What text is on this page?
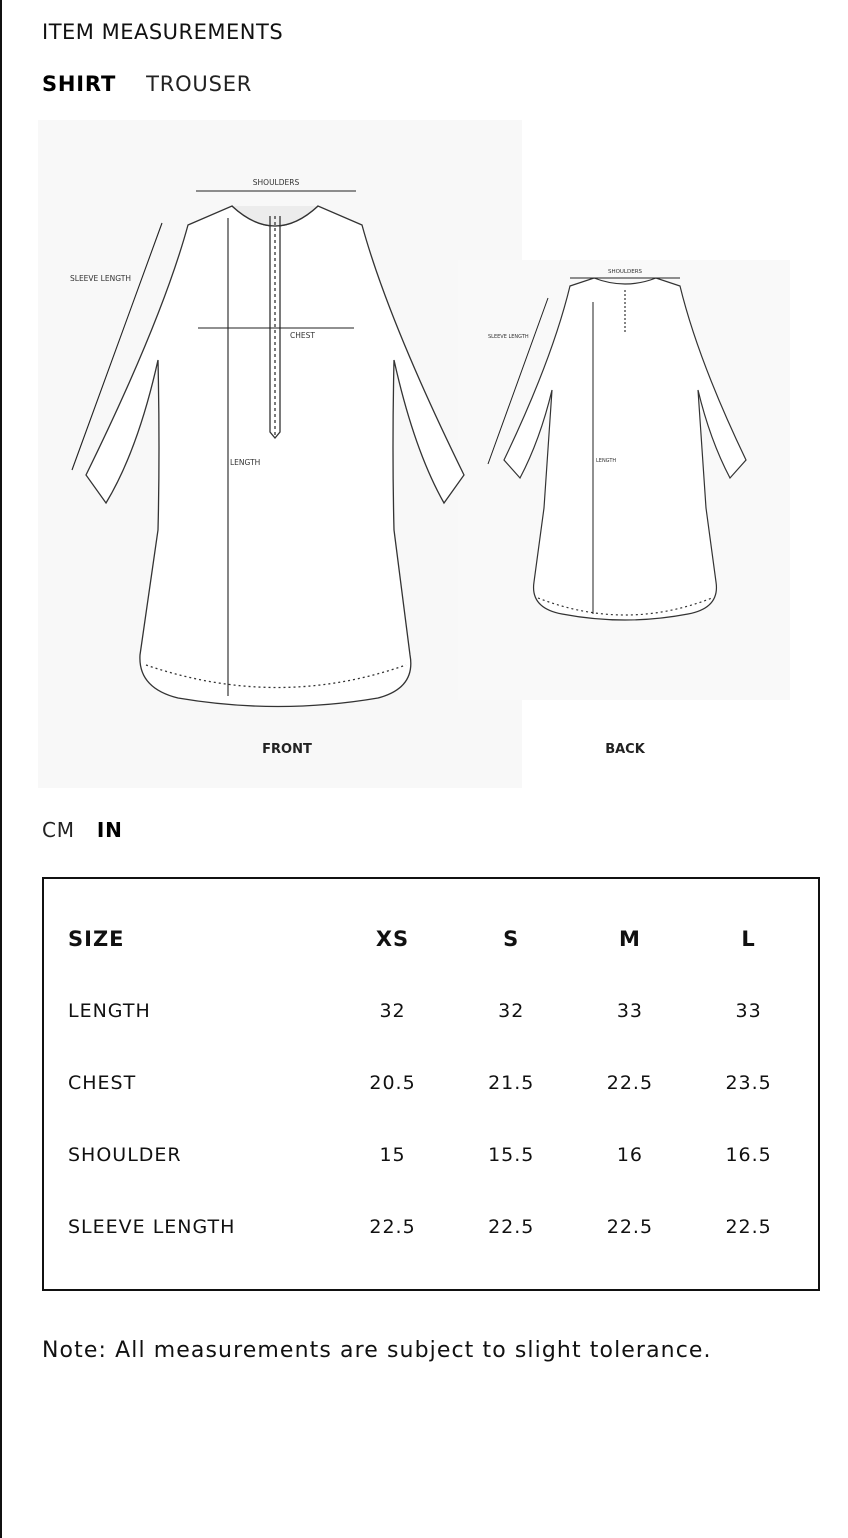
ITEM MEASUREMENTS
SHIRT TROUSER
SHOULDERS
SLEEVE LENGTH
CHEST
LENGTH
FRONT
SHOULDERS
SLEEVE LENGTH
LENGTH
BACK
CM IN
SIZE	XS	S	M	L
LENGTH	32	32	33	33
CHEST	20.5	21.5	22.5	23.5
SHOULDER	15	15.5	16	16.5
SLEEVE LENGTH	22.5	22.5	22.5	22.5
Note: All measurements are subject to slight tolerance.
